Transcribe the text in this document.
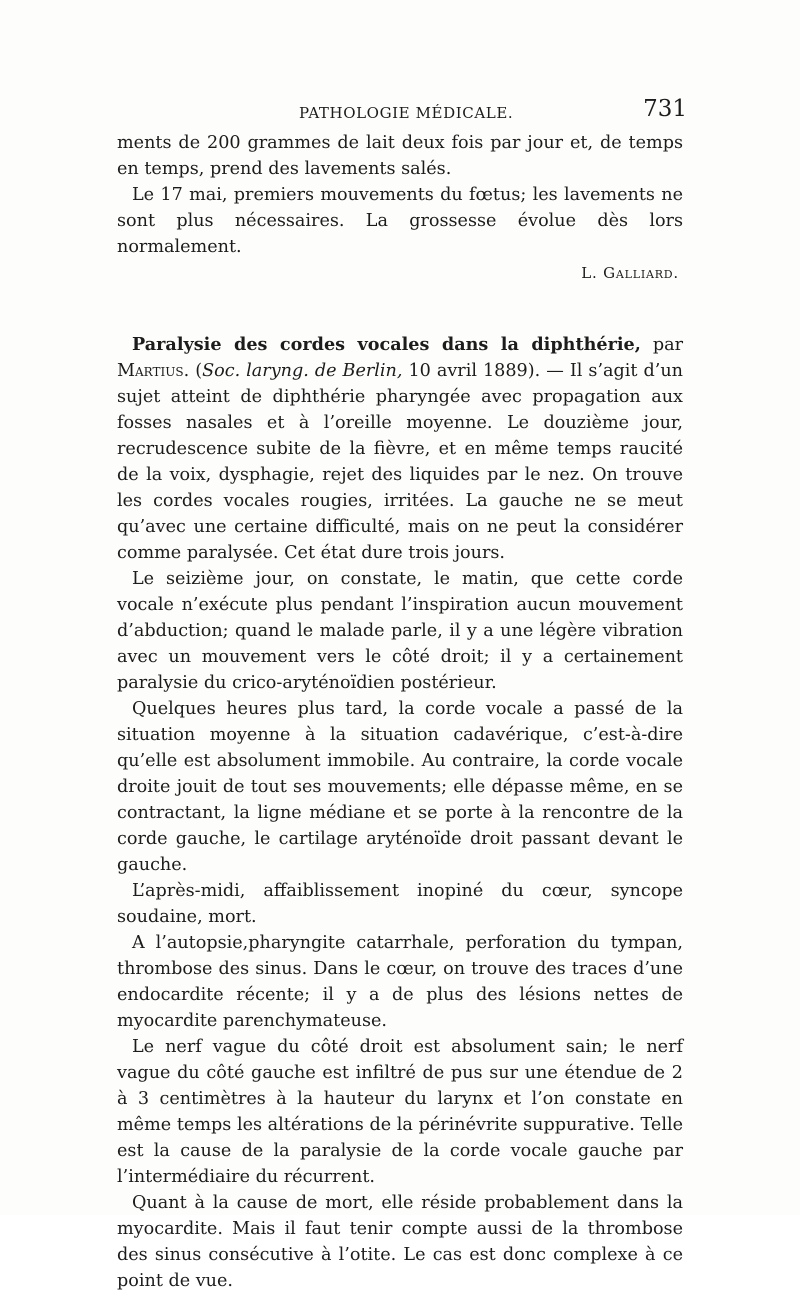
PATHOLOGIE MÉDICALE.	731

ments de 200 grammes de lait deux fois par jour et, de temps en temps, prend des lavements salés.

Le 17 mai, premiers mouvements du fœtus; les lavements ne sont plus nécessaires. La grossesse évolue dès lors normalement.

L. Galliard.

Paralysie des cordes vocales dans la diphthérie, par Martius. (Soc. laryng. de Berlin, 10 avril 1889). — Il s’agit d’un sujet atteint de diphthérie pharyngée avec propagation aux fosses nasales et à l’oreille moyenne. Le douzième jour, recrudescence subite de la fièvre, et en même temps raucité de la voix, dysphagie, rejet des liquides par le nez. On trouve les cordes vocales rougies, irritées. La gauche ne se meut qu’avec une certaine difficulté, mais on ne peut la considérer comme paralysée. Cet état dure trois jours.

Le seizième jour, on constate, le matin, que cette corde vocale n’exécute plus pendant l’inspiration aucun mouvement d’abduction; quand le malade parle, il y a une légère vibration avec un mouvement vers le côté droit; il y a certainement paralysie du crico-aryténoïdien postérieur.

Quelques heures plus tard, la corde vocale a passé de la situation moyenne à la situation cadavérique, c’est-à-dire qu’elle est absolument immobile. Au contraire, la corde vocale droite jouit de tout ses mouvements; elle dépasse même, en se contractant, la ligne médiane et se porte à la rencontre de la corde gauche, le cartilage aryténoïde droit passant devant le gauche.

L’après-midi, affaiblissement inopiné du cœur, syncope soudaine, mort.

A l’autopsie,pharyngite catarrhale, perforation du tympan, thrombose des sinus. Dans le cœur, on trouve des traces d’une endocardite récente; il y a de plus des lésions nettes de myocardite parenchymateuse.

Le nerf vague du côté droit est absolument sain; le nerf vague du côté gauche est infiltré de pus sur une étendue de 2 à 3 centimètres à la hauteur du larynx et l’on constate en même temps les altérations de la périnévrite suppurative. Telle est la cause de la paralysie de la corde vocale gauche par l’intermédiaire du récurrent.

Quant à la cause de mort, elle réside probablement dans la myocardite. Mais il faut tenir compte aussi de la thrombose des sinus consécutive à l’otite. Le cas est donc complexe à ce point de vue.
